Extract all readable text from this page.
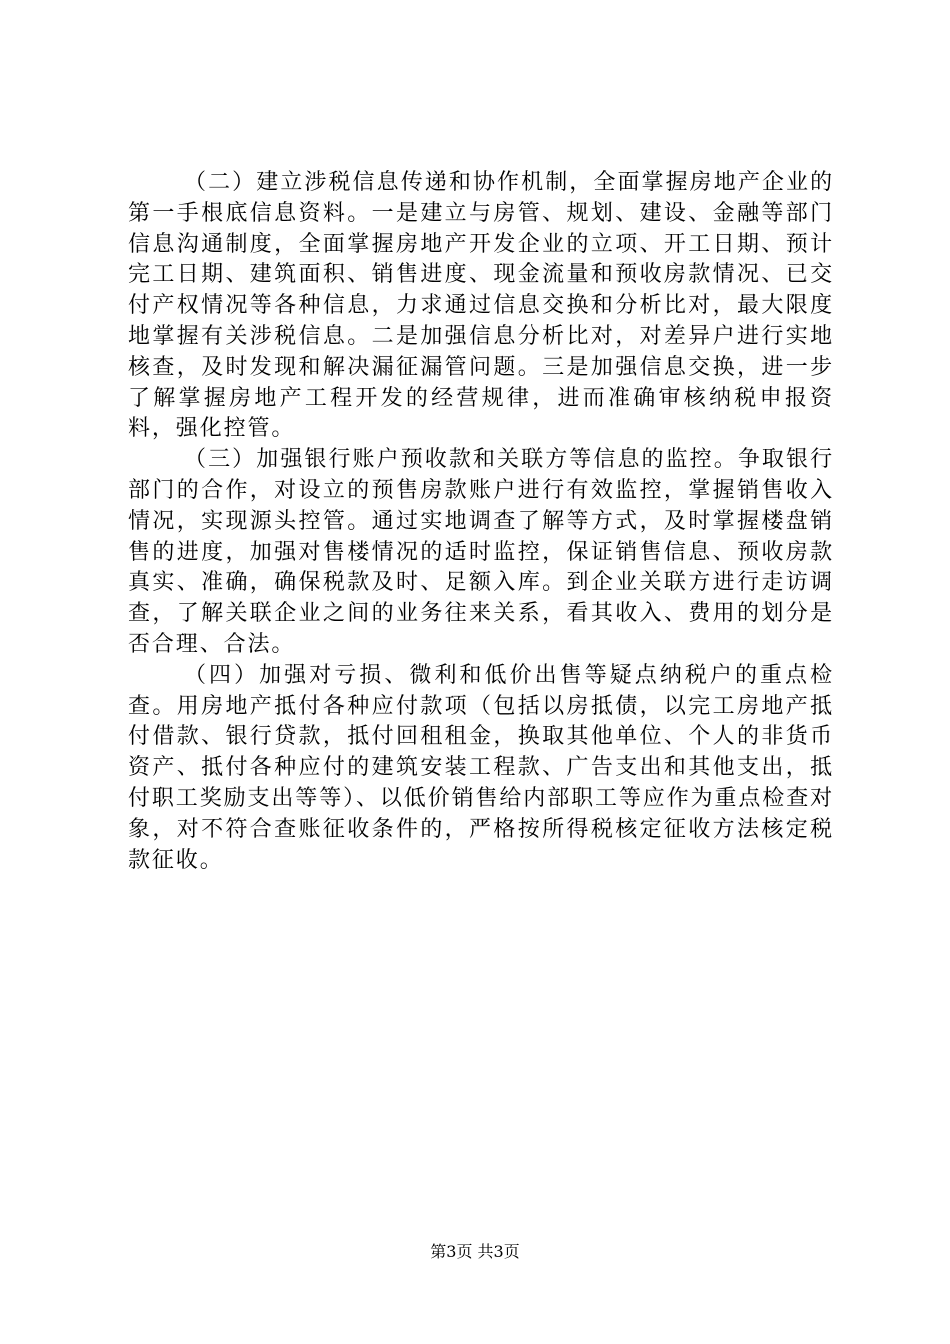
（二）建立涉税信息传递和协作机制，全面掌握房地产企业的第一手根底信息资料。一是建立与房管、规划、建设、金融等部门信息沟通制度，全面掌握房地产开发企业的立项、开工日期、预计完工日期、建筑面积、销售进度、现金流量和预收房款情况、已交付产权情况等各种信息，力求通过信息交换和分析比对，最大限度地掌握有关涉税信息。二是加强信息分析比对，对差异户进行实地核查，及时发现和解决漏征漏管问题。三是加强信息交换，进一步了解掌握房地产工程开发的经营规律，进而准确审核纳税申报资料，强化控管。

（三）加强银行账户预收款和关联方等信息的监控。争取银行部门的合作，对设立的预售房款账户进行有效监控，掌握销售收入情况，实现源头控管。通过实地调查了解等方式，及时掌握楼盘销售的进度，加强对售楼情况的适时监控，保证销售信息、预收房款真实、准确，确保税款及时、足额入库。到企业关联方进行走访调查，了解关联企业之间的业务往来关系，看其收入、费用的划分是否合理、合法。

（四）加强对亏损、微利和低价出售等疑点纳税户的重点检查。用房地产抵付各种应付款项（包括以房抵债，以完工房地产抵付借款、银行贷款，抵付回租租金，换取其他单位、个人的非货币资产、抵付各种应付的建筑安装工程款、广告支出和其他支出，抵付职工奖励支出等等）、以低价销售给内部职工等应作为重点检查对象，对不符合查账征收条件的，严格按所得税核定征收方法核定税款征收。

第3页 共3页
